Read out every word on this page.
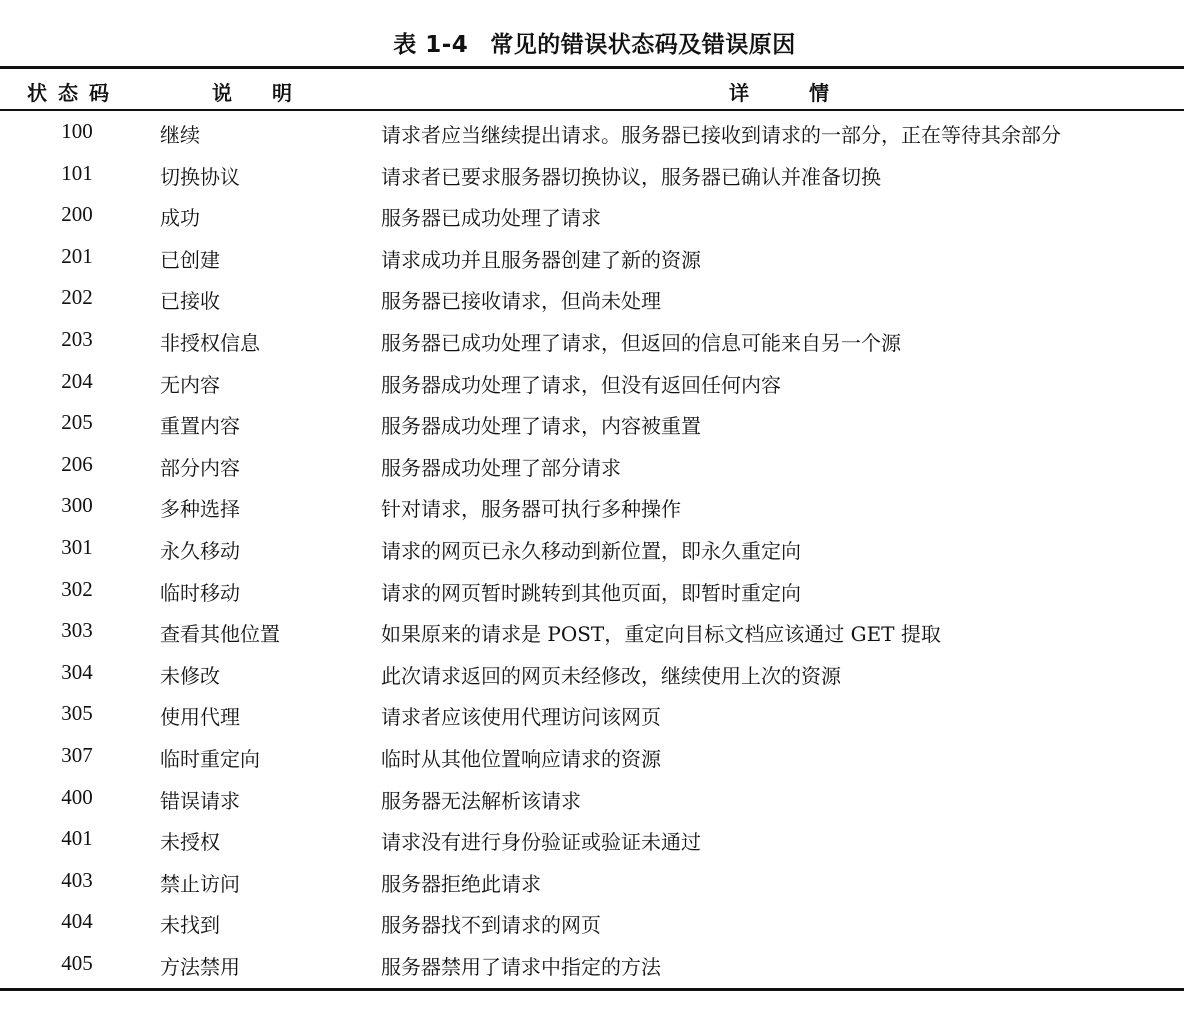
表 1-4 常见的错误状态码及错误原因
状态码	说明	详情
100	继续	请求者应当继续提出请求。服务器已接收到请求的一部分，正在等待其余部分
101	切换协议	请求者已要求服务器切换协议，服务器已确认并准备切换
200	成功	服务器已成功处理了请求
201	已创建	请求成功并且服务器创建了新的资源
202	已接收	服务器已接收请求，但尚未处理
203	非授权信息	服务器已成功处理了请求，但返回的信息可能来自另一个源
204	无内容	服务器成功处理了请求，但没有返回任何内容
205	重置内容	服务器成功处理了请求，内容被重置
206	部分内容	服务器成功处理了部分请求
300	多种选择	针对请求，服务器可执行多种操作
301	永久移动	请求的网页已永久移动到新位置，即永久重定向
302	临时移动	请求的网页暂时跳转到其他页面，即暂时重定向
303	查看其他位置	如果原来的请求是 POST，重定向目标文档应该通过 GET 提取
304	未修改	此次请求返回的网页未经修改，继续使用上次的资源
305	使用代理	请求者应该使用代理访问该网页
307	临时重定向	临时从其他位置响应请求的资源
400	错误请求	服务器无法解析该请求
401	未授权	请求没有进行身份验证或验证未通过
403	禁止访问	服务器拒绝此请求
404	未找到	服务器找不到请求的网页
405	方法禁用	服务器禁用了请求中指定的方法
